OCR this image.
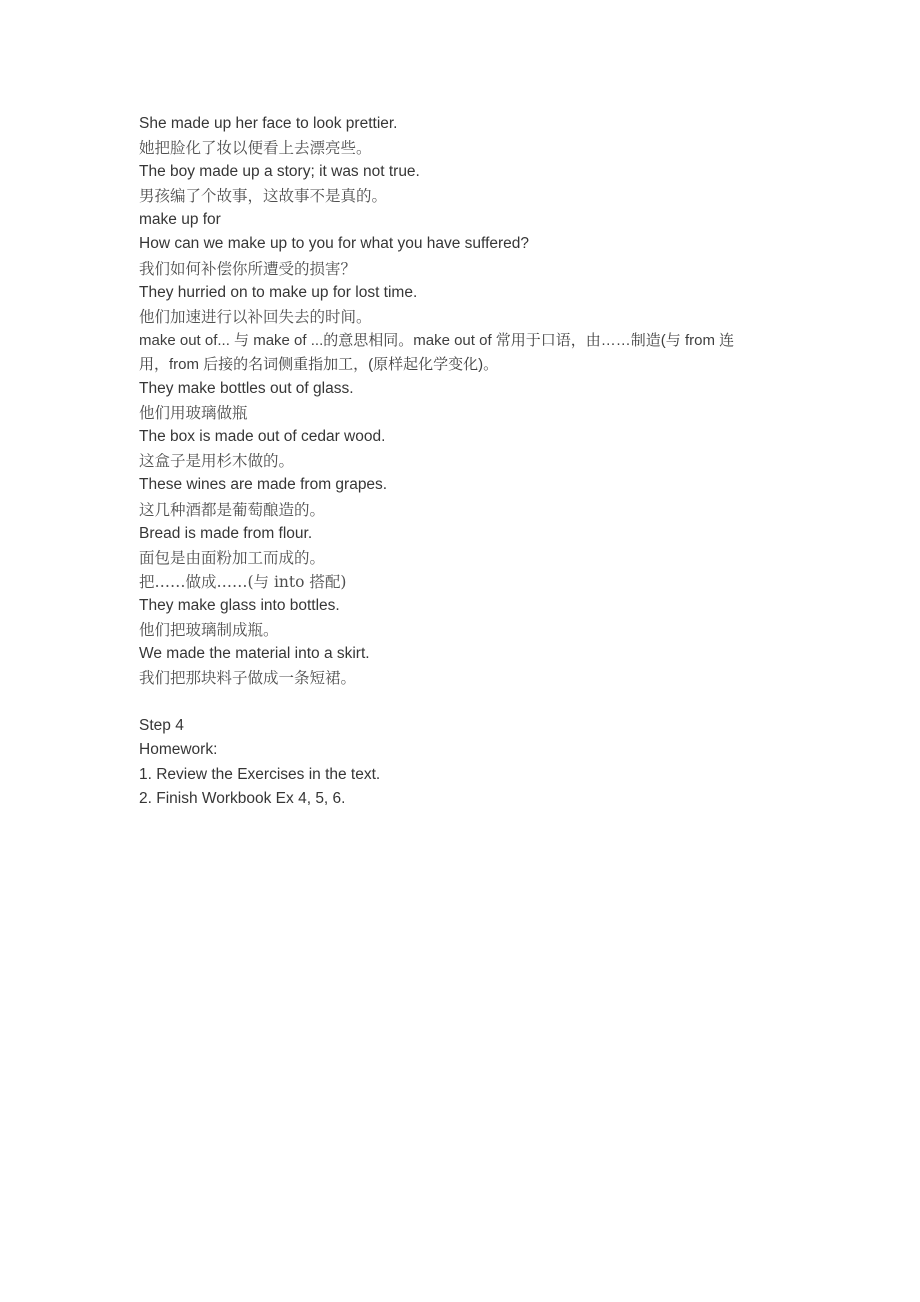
She made up her face to look prettier.
她把脸化了妆以便看上去漂亮些。
The boy made up a story; it was not true.
男孩编了个故事，这故事不是真的。
make up for
How can we make up to you for what you have suffered?
我们如何补偿你所遭受的损害？
They hurried on to make up for lost time.
他们加速进行以补回失去的时间。
make out of... 与 make of ...的意思相同。make out of 常用于口语，由……制造(与 from 连
用，from 后接的名词侧重指加工，(原样起化学变化)。
They make bottles out of glass.
他们用玻璃做瓶
The box is made out of cedar wood.
这盒子是用杉木做的。
These wines are made from grapes.
这几种酒都是葡萄酿造的。
Bread is made from flour.
面包是由面粉加工而成的。
把……做成……(与 into 搭配)
They make glass into bottles.
他们把玻璃制成瓶。
We made the material into a skirt.
我们把那块料子做成一条短裙。
Step 4
Homework:
1. Review the Exercises in the text.
2. Finish Workbook Ex 4, 5, 6.
